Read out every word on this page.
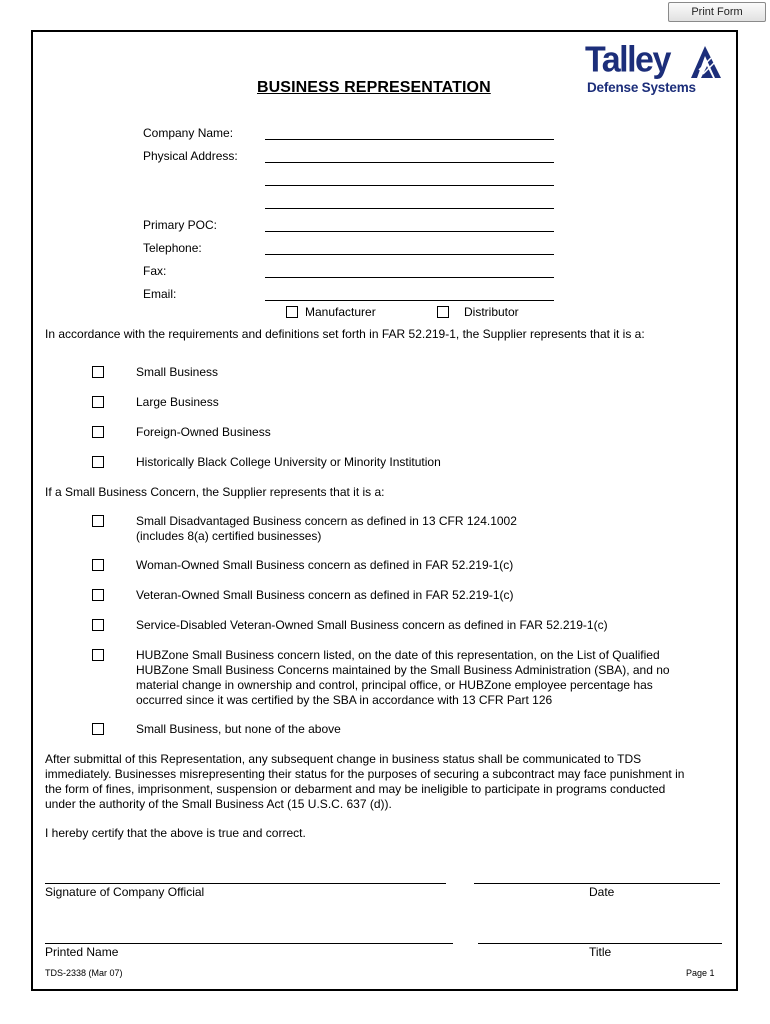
Print Form
Talley
Defense Systems
BUSINESS REPRESENTATION
Company Name:
Physical Address:
Primary POC:
Telephone:
Fax:
Email:
Manufacturer	Distributor
In accordance with the requirements and definitions set forth in FAR 52.219-1, the Supplier represents that it is a:
Small Business
Large Business
Foreign-Owned Business
Historically Black College University or Minority Institution
If a Small Business Concern, the Supplier represents that it is a:
Small Disadvantaged Business concern as defined in 13 CFR 124.1002
(includes 8(a) certified businesses)
Woman-Owned Small Business concern as defined in FAR 52.219-1(c)
Veteran-Owned Small Business concern as defined in FAR 52.219-1(c)
Service-Disabled Veteran-Owned Small Business concern as defined in FAR 52.219-1(c)
HUBZone Small Business concern listed, on the date of this representation, on the List of Qualified
HUBZone Small Business Concerns maintained by the Small Business Administration (SBA), and no
material change in ownership and control, principal office, or HUBZone employee percentage has
occurred since it was certified by the SBA in accordance with 13 CFR Part 126
Small Business, but none of the above
After submittal of this Representation, any subsequent change in business status shall be communicated to TDS
immediately. Businesses misrepresenting their status for the purposes of securing a subcontract may face punishment in
the form of fines, imprisonment, suspension or debarment and may be ineligible to participate in programs conducted
under the authority of the Small Business Act (15 U.S.C. 637 (d)).
I hereby certify that the above is true and correct.
Signature of Company Official	Date
Printed Name	Title
TDS-2338 (Mar 07)	Page 1
